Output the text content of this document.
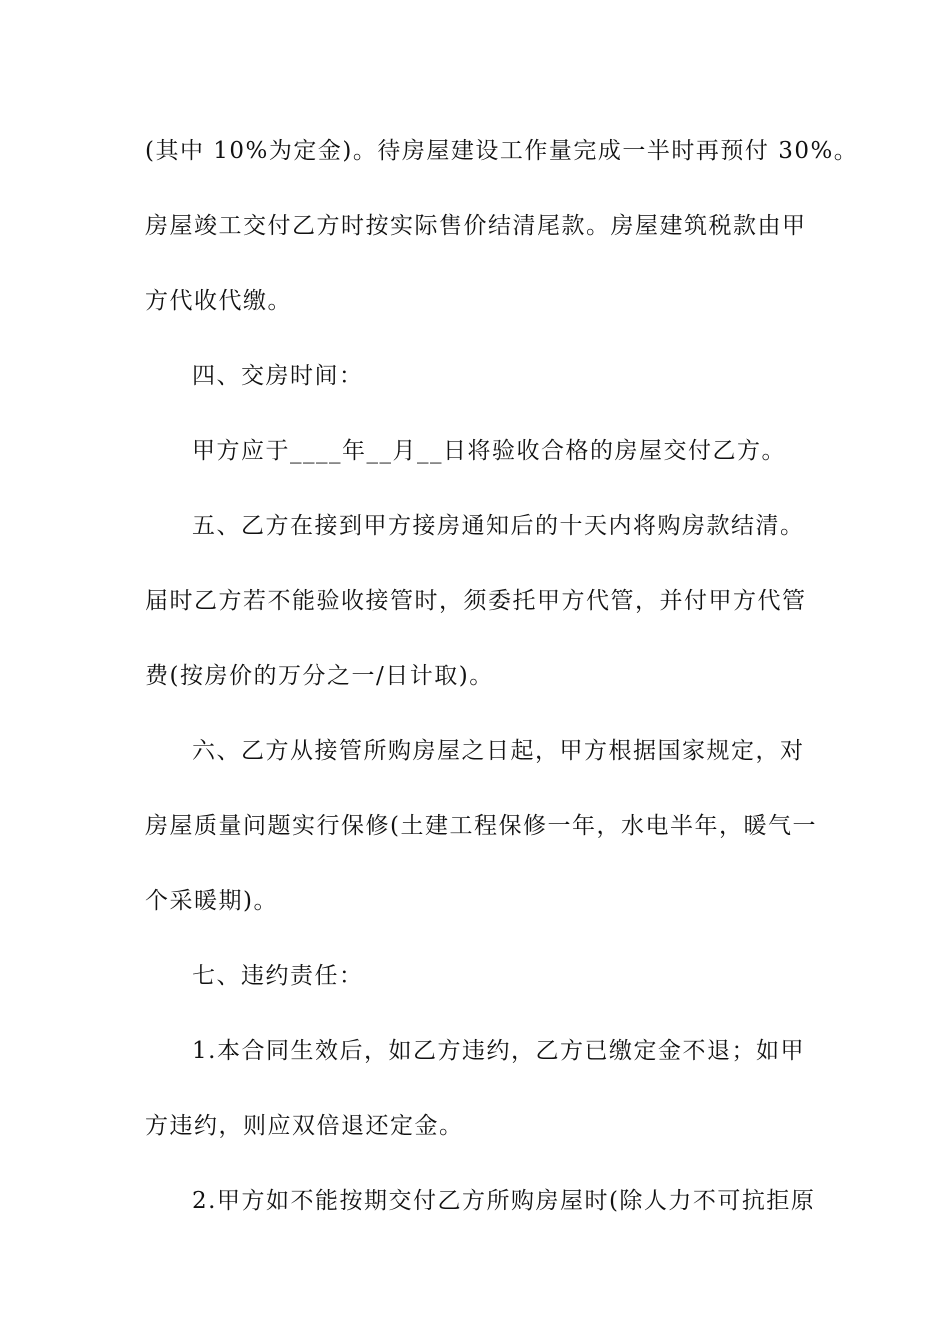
(其中 10%为定金)。待房屋建设工作量完成一半时再预付 30%。
房屋竣工交付乙方时按实际售价结清尾款。房屋建筑税款由甲
方代收代缴。
四、交房时间：
甲方应于____年__月__日将验收合格的房屋交付乙方。
五、乙方在接到甲方接房通知后的十天内将购房款结清。
届时乙方若不能验收接管时，须委托甲方代管，并付甲方代管
费(按房价的万分之一/日计取)。
六、乙方从接管所购房屋之日起，甲方根据国家规定，对
房屋质量问题实行保修(土建工程保修一年，水电半年，暖气一
个采暖期)。
七、违约责任：
1.本合同生效后，如乙方违约，乙方已缴定金不退；如甲
方违约，则应双倍退还定金。
2.甲方如不能按期交付乙方所购房屋时(除人力不可抗拒原
